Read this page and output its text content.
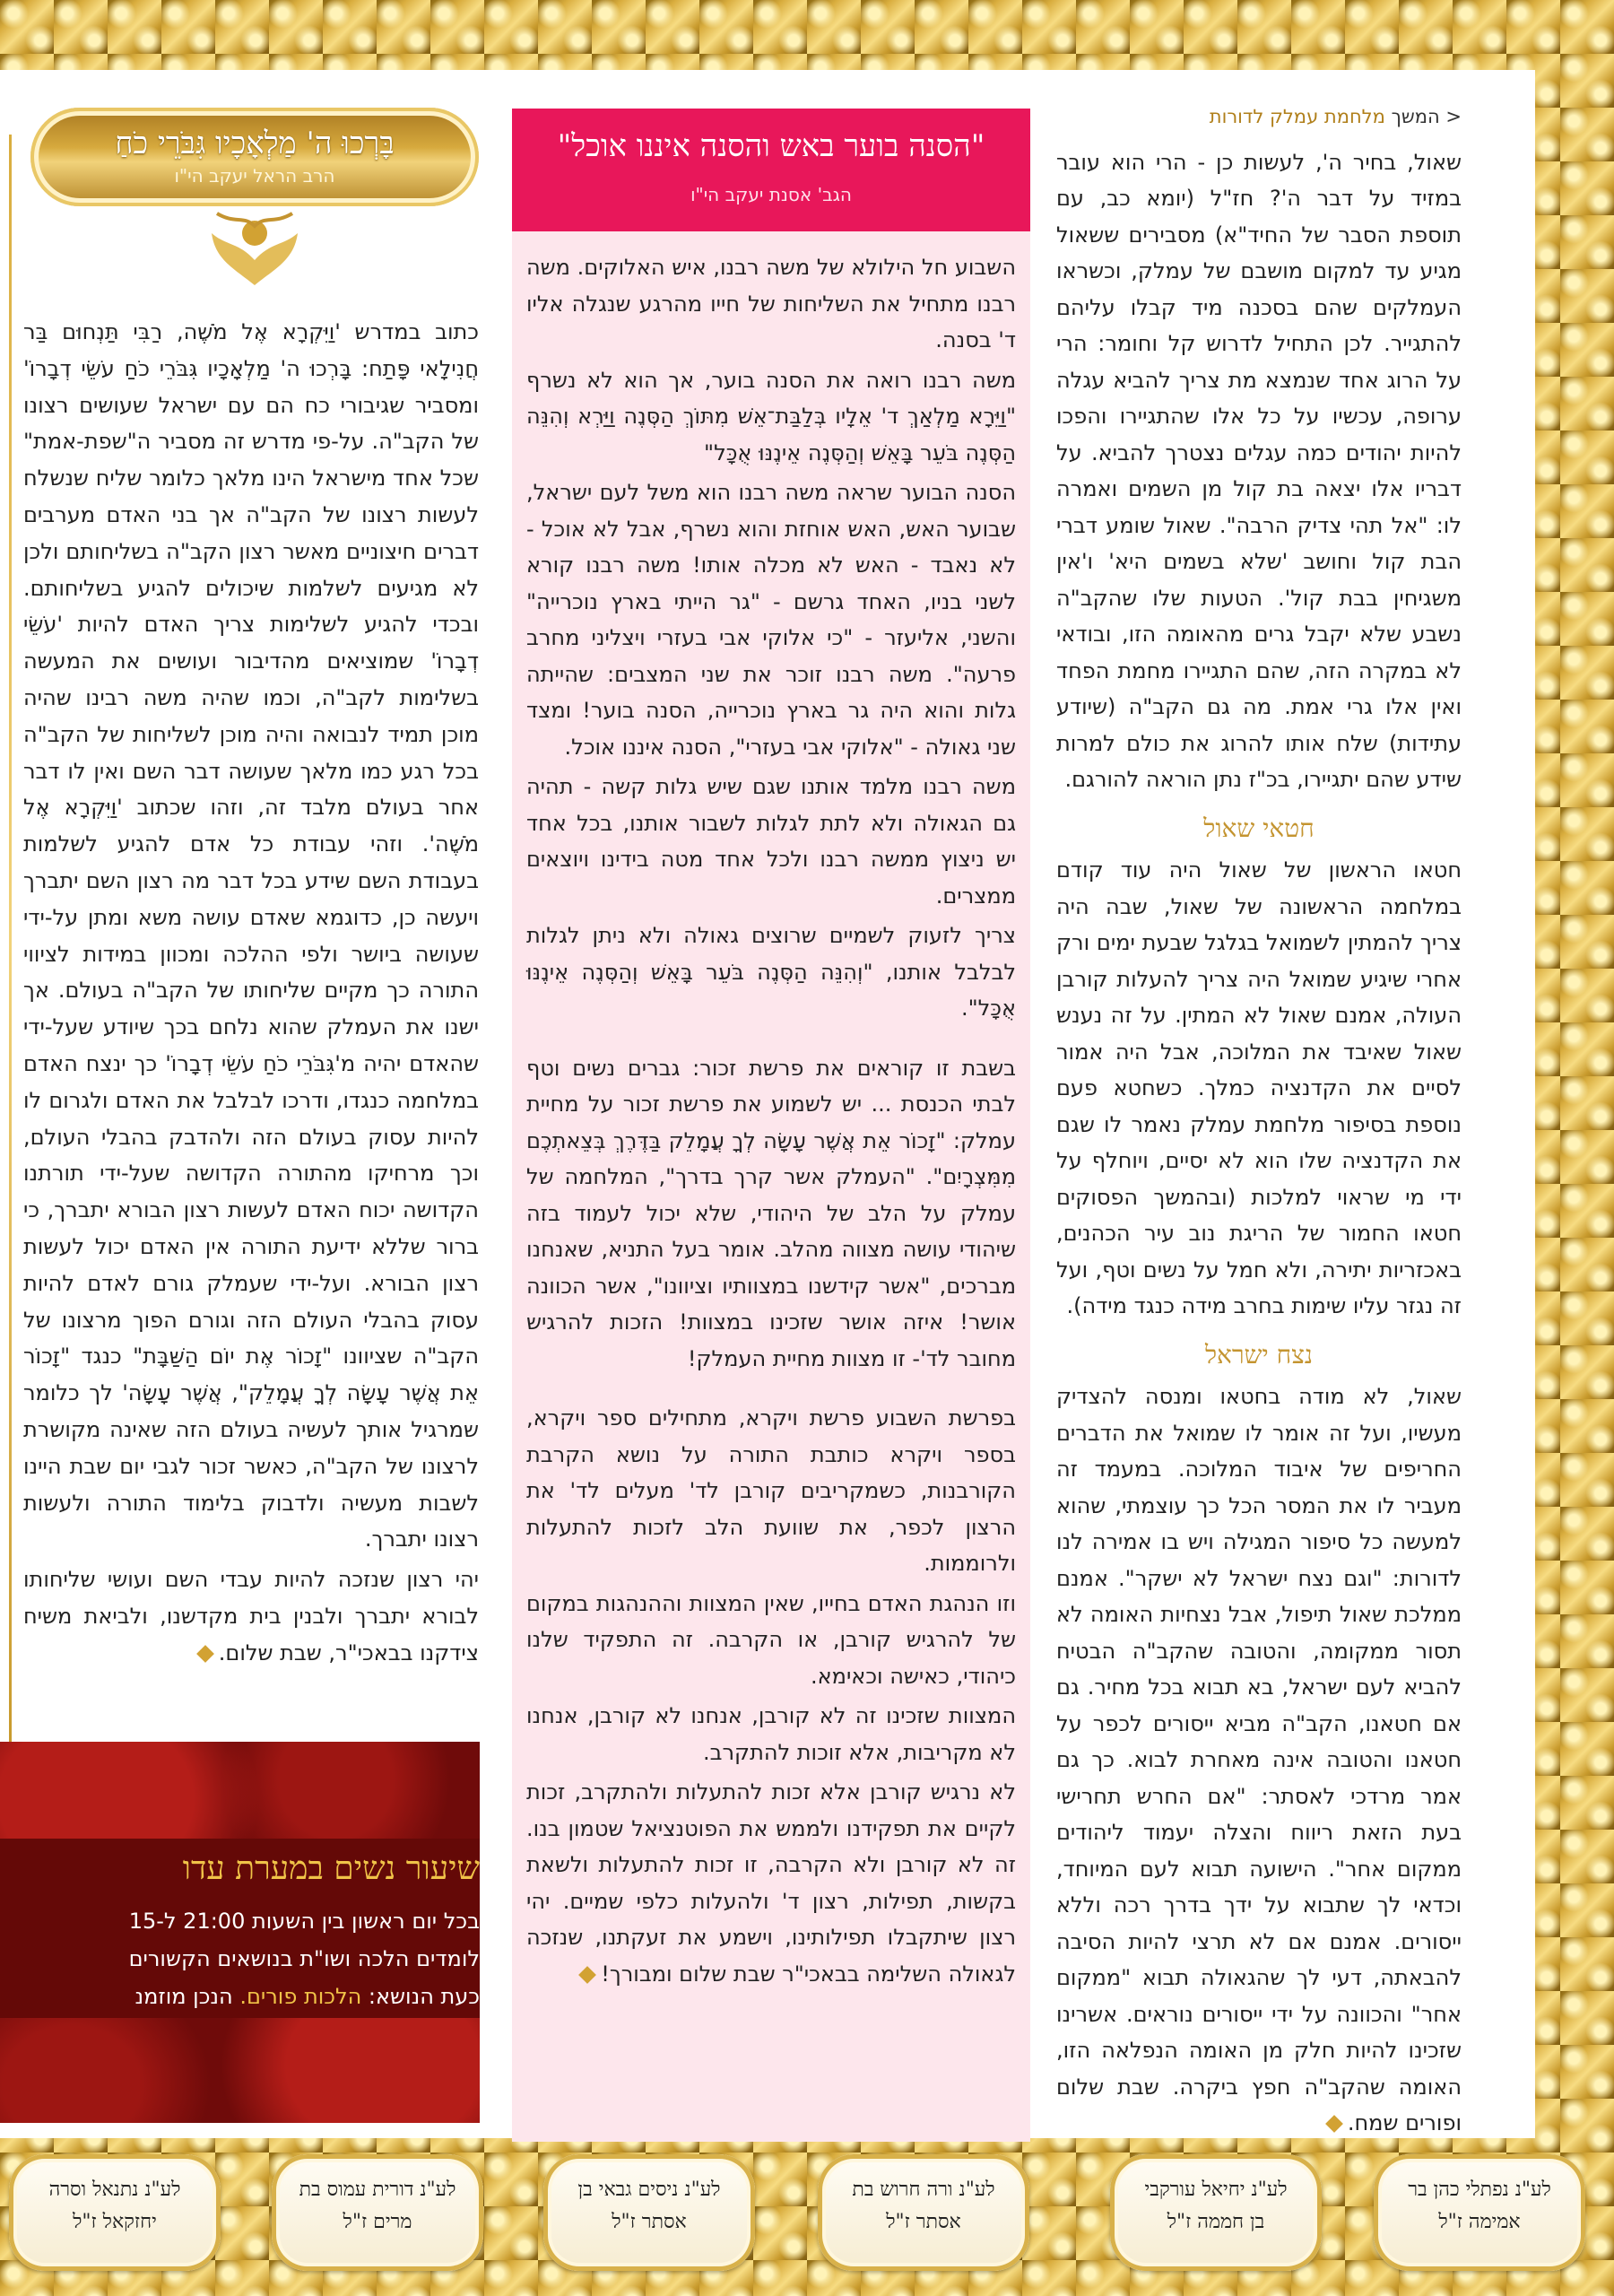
< המשך מלחמת עמלק לדורות

שאול, בחיר ה', לעשות כן - הרי הוא עובר במזיד על דבר ה'? חז"ל (יומא כב, עם תוספת הסבר של החיד"א) מסבירים ששאול מגיע עד למקום מושבם של עמלק, וכשראו העמלקים שהם בסכנה מיד קבלו עליהם להתגייר. לכן התחיל לדרוש קל וחומר: הרי על הרוג אחד שנמצא מת צריך להביא עגלה ערופה, עכשיו על כל אלו שהתגיירו והפכו להיות יהודים כמה עגלים נצטרך להביא. על דבריו אלו יצאה בת קול מן השמים ואמרה לו: "אל תהי צדיק הרבה". שאול שומע דברי הבת קול וחושב 'שלא בשמים היא' ו'אין משגיחין בבת קול'. הטעות שלו שהקב"ה נשבע שלא יקבל גרים מהאומה הזו, ובודאי לא במקרה הזה, שהם התגיירו מחמת הפחד ואין אלו גרי אמת. מה גם הקב"ה (שיודע עתידות) שלח אותו להרוג את כולם למרות שידע שהם יתגיירו, בכ"ז נתן הוראה להורגם.

חטאי שאול

חטאו הראשון של שאול היה עוד קודם במלחמה הראשונה של שאול, שבה היה צריך להמתין לשמואל בגלגל שבעת ימים ורק אחרי שיגיע שמואל היה צריך להעלות קורבן העולה, אמנם שאול לא המתין. על זה נענש שאול שאיבד את המלוכה, אבל היה אמור לסיים את הקדנציה כמלך. כשחטא פעם נוספת בסיפור מלחמת עמלק נאמר לו שגם את הקדנציה שלו הוא לא יסיים, ויוחלף על ידי מי שראוי למלכות (ובהמשך הפסוקים חטאו החמור של הריגת נוב עיר הכהנים, באכזריות יתירה, ולא חמל על נשים וטף, ועל זה נגזר עליו שימות בחרב מידה כנגד מידה).

נצח ישראל

שאול, לא מודה בחטאו ומנסה להצדיק מעשיו, ועל זה אומר לו שמואל את הדברים החריפים של איבוד המלוכה. במעמד זה מעביר לו את המסר הכל כך עוצמתי, שהוא למעשה כל סיפור המגילה ויש בו אמירה לנו לדורות: "וגם נצח ישראל לא ישקר". אמנם ממלכת שאול תיפול, אבל נצחיות האומה לא תסור ממקומה, והטובה שהקב"ה הבטיח להביא לעם ישראל, בא תבוא בכל מחיר. גם אם חטאנו, הקב"ה מביא ייסורים לכפר על חטאנו והטובה אינה מאחרת לבוא. כך גם אמר מרדכי לאסתר: "אם החרש תחרישי בעת הזאת ריווח והצלה יעמוד ליהודים ממקום אחר". הישועה תבוא לעם המיוחד, וכדאי לך שתבוא על ידך בדרך רכה וללא ייסורים. אמנם אם לא תרצי להיות הסיבה להבאתה, דעי לך שהגאולה תבוא "ממקום אחר" והכוונה על ידי ייסורים נוראים. אשרינו שזכינו להיות חלק מן האומה הנפלאה הזו, האומה שהקב"ה חפץ ביקרה. שבת שלום ופורים שמח.

"הסנה בוער באש והסנה איננו אוכל"
הגב' אסנת יעקב הי"ו

השבוע חל הילולא של משה רבנו, איש האלוקים. משה רבנו מתחיל את השליחות של חייו מהרגע שנגלה אליו ד' בסנה.

משה רבנו רואה את הסנה בוער, אך הוא לא נשרף "וַיֵּרָא מַלְאַךְ ד' אֵלָיו בְּלַבַּת־אֵשׁ מִתּוֹךְ הַסְּנֶה וַיַּרְא וְהִנֵּה הַסְּנֶה בֹּעֵר בָּאֵשׁ וְהַסְּנֶה אֵינֶנּוּ אֻכָּל"

הסנה הבוער שראה משה רבנו הוא משל לעם ישראל, שבוער האש, האש אוחזת והוא נשרף, אבל לא אוכל - לא נאבד - האש לא מכלה אותו! משה רבנו קורא לשני בניו, האחד גרשם - "גר הייתי בארץ נוכרייה" והשני, אליעזר - "כי אלוקי אבי בעזרי ויצליני מחרב פרעה". משה רבנו זוכר את שני המצבים: שהייתה גלות והוא היה גר בארץ נוכרייה, הסנה בוער! ומצד שני גאולה - "אלוקי אבי בעזרי", הסנה איננו אוכל.

משה רבנו מלמד אותנו שגם שיש גלות קשה - תהיה גם הגאולה ולא לתת לגלות לשבור אותנו, בכל אחד יש ניצוץ ממשה רבנו ולכל אחד מטה בידינו ויוצאים ממצרים.

צריך לזעוק לשמיים שרוצים גאולה ולא ניתן לגלות לבלבל אותנו, "וְהִנֵּה הַסְּנֶה בֹּעֵר בָּאֵשׁ וְהַסְּנֶה אֵינֶנּוּ אֻכָּל".

בשבת זו קוראים את פרשת זכור: גברים נשים וטף לבתי הכנסת ... יש לשמוע את פרשת זכור על מחיית עמלק: "זָכוֹר אֵת אֲשֶׁר עָשָׂה לְךָ עֲמָלֵק בַּדֶּרֶךְ בְּצֵאתְכֶם מִמִּצְרָיִם". "העמלק אשר קרך בדרך", המלחמה של עמלק על הלב של היהודי, שלא יכול לעמוד בזה שיהודי עושה מצווה מהלב. אומר בעל התניא, שאנחנו מברכים, "אשר קידשנו במצוותיו וציוונו", אשר הכוונה אושר! איזה אושר שזכינו במצוות! הזכות להרגיש מחובר לד'- זו מצוות מחיית העמלק!

בפרשת השבוע פרשת ויקרא, מתחילים ספר ויקרא, בספר ויקרא כותבת התורה על נושא הקרבת הקורבנות, כשמקריבים קורבן לד' מעלים לד' את הרצון לכפר, את שוועת הלב לזכות להתעלות ולרוממות.

וזו הנהגת האדם בחייו, שאין המצוות וההנהגות במקום של להרגיש קורבן, או הקרבה. זה התפקיד שלנו כיהודי, כאישה וכאימא.

המצוות שזכינו זה לא קורבן, אנחנו לא קורבן, אנחנו לא מקריבות, אלא זוכות להתקרב.

לא נרגיש קורבן אלא זכות להתעלות ולהתקרב, זכות לקיים את תפקידנו ולממש את הפוטנציאל שטמון בנו. זה לא קורבן ולא הקרבה, זו זכות להתעלות ולשאת בקשות, תפילות, רצון ד' ולהעלות כלפי שמיים. יהי רצון שיתקבלו תפילותינו, וישמע את זעקתנו, שנזכה לגאולה השלימה בבאכי"ר שבת שלום ומבורך!

בָּרְכוּ ה' מַלְאָכָיו גִּבֹּרֵי כֹחַ
הרב הראל יעקב הי"ו

כתוב במדרש 'וַיִּקְרָא אֶל מֹשֶׁה, רַבִּי תַּנְחוּם בַּר חֲנִילָאי פָּתַח: בָּרְכוּ ה' מַלְאָכָיו גִּבֹּרֵי כֹחַ עֹשֵׂי דְבָרוֹ' ומסביר שגיבורי כח הם עם ישראל שעושים רצונו של הקב"ה. על-פי מדרש זה מסביר ה"שפת-אמת" שכל אחד מישראל הינו מלאך כלומר שליח שנשלח לעשות רצונו של הקב"ה אך בני האדם מערבים דברים חיצוניים מאשר רצון הקב"ה בשליחותם ולכן לא מגיעים לשלמות שיכולים להגיע בשליחותם. ובכדי להגיע לשלימות צריך האדם להיות 'עֹשֵׂי דְבָרוֹ' שמוציאים מהדיבור ועושים את המעשה בשלימות לקב"ה, וכמו שהיה משה רבינו שהיה מוכן תמיד לנבואה והיה מוכן לשליחות של הקב"ה בכל רגע כמו מלאך שעושה דבר השם ואין לו דבר אחר בעולם מלבד זה, וזהו שכתוב 'וַיִּקְרָא אֶל מֹשֶׁה'. וזהי עבודת כל אדם להגיע לשלמות בעבודת השם שידע בכל דבר מה רצון השם יתברך ויעשה כן, כדוגמא שאדם עושה משא ומתן על-ידי שעושה ביושר ולפי ההלכה ומכוון במידות לציווי התורה כך מקיים שליחותו של הקב"ה בעולם. אך ישנו את העמלק שהוא נלחם בכך שיודע שעל-ידי שהאדם יהיה מ'גִּבֹּרֵי כֹחַ עֹשֵׂי דְבָרוֹ' כך ינצח האדם במלחמה כנגדו, ודרכו לבלבל את האדם ולגרום לו להיות עסוק בעולם הזה ולהדבק בהבלי העולם, וכך מרחיקו מהתורה הקדושה שעל-ידי תורתנו הקדושה יכוח האדם לעשות רצון הבורא יתברך, כי ברור שללא ידיעת התורה אין האדם יכול לעשות רצון הבורא. ועל-ידי שעמלק גורם לאדם להיות עסוק בהבלי העולם הזה וגורם הפוך מרצונו של הקב"ה שציוונו "זָכוֹר אֶת יוֹם הַשַּׁבָּת" כנגד "זָכוֹר אֵת אֲשֶׁר עָשָׂה לְךָ עֲמָלֵק", אֲשֶׁר עָשָׂה' לך כלומר שמרגיל אותך לעשיה בעולם הזה שאינה מקושרת לרצונו של הקב"ה, כאשר זכור לגבי יום שבת היינו לשבות מעשיה ולדבוק בלימוד התורה ולעשות רצונו יתברך.

יהי רצון שנזכה להיות עבדי השם ועושי שליחותו לבורא יתברך ולבנין בית מקדשנו, ולביאת משיח צידקנו בבאכי"ר, שבת שלום.

שיעור נשים במערת עדו
בכל יום ראשון בין השעות 21:00 ל-15
לומדים הלכה ושו"ת בנושאים הקשורים
כעת הנושא: הלכות פורים. הנכן מוזמנ
לע"נ נפתלי כהן בר
אמימה ז"ל
לע"נ יחיאל עורקבי
בן חממה ז"ל
לע"נ ורה חרוש בת
אסתר ז"ל
לע"נ ניסים גבאי בן
אסתר ז"ל
לע"נ דורית עמוס בת
מרים ז"ל
לע"נ נתנאל וסרה
יחזקאל ז"ל
